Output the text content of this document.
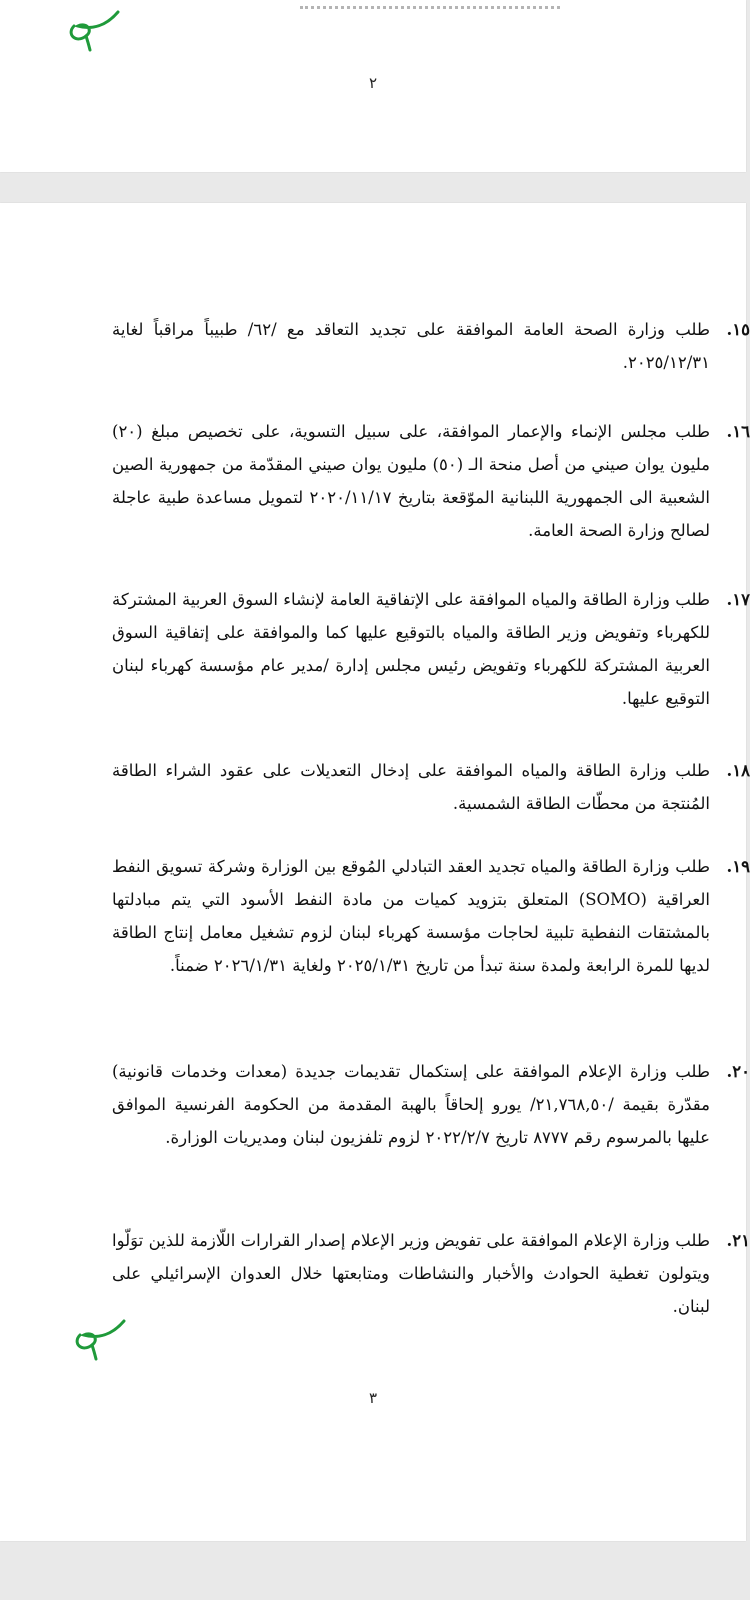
٢
١٥.
طلب وزارة الصحة العامة الموافقة على تجديد التعاقد مع /٦٢/ طبيباً مراقباً لغاية ٢٠٢٥/١٢/٣١.
١٦.
طلب مجلس الإنماء والإعمار الموافقة، على سبيل التسوية، على تخصيص مبلغ (٢٠) مليون يوان صيني من أصل منحة الـ (٥٠) مليون يوان صيني المقدّمة من جمهورية الصين الشعبية الى الجمهورية اللبنانية الموّقعة بتاريخ ٢٠٢٠/١١/١٧ لتمويل مساعدة طبية عاجلة لصالح وزارة الصحة العامة.
١٧.
طلب وزارة الطاقة والمياه الموافقة على الإتفاقية العامة لإنشاء السوق العربية المشتركة للكهرباء وتفويض وزير الطاقة والمياه بالتوقيع عليها كما والموافقة على إتفاقية السوق العربية المشتركة للكهرباء وتفويض رئيس مجلس إدارة /مدير عام مؤسسة كهرباء لبنان التوقيع عليها.
١٨.
طلب وزارة الطاقة والمياه الموافقة على إدخال التعديلات على عقود الشراء الطاقة المُنتجة من محطّات الطاقة الشمسية.
١٩.
طلب وزارة الطاقة والمياه تجديد العقد التبادلي المُوقع بين الوزارة وشركة تسويق النفط العراقية (SOMO) المتعلق بتزويد كميات من مادة النفط الأسود التي يتم مبادلتها بالمشتقات النفطية تلبية لحاجات مؤسسة كهرباء لبنان لزوم تشغيل معامل إنتاج الطاقة لديها للمرة الرابعة ولمدة سنة تبدأ من تاريخ ٢٠٢٥/١/٣١ ولغاية ٢٠٢٦/١/٣١ ضمناً.
٢٠.
طلب وزارة الإعلام الموافقة على إستكمال تقديمات جديدة (معدات وخدمات قانونية) مقدّرة بقيمة /٢١,٧٦٨,٥٠/ يورو إلحاقاً بالهبة المقدمة من الحكومة الفرنسية الموافق عليها بالمرسوم رقم ٨٧٧٧ تاريخ ٢٠٢٢/٢/٧ لزوم تلفزيون لبنان ومديريات الوزارة.
٢١.
طلب وزارة الإعلام الموافقة على تفويض وزير الإعلام إصدار القرارات اللّازمة للذين توَلّوا ويتولون تغطية الحوادث والأخبار والنشاطات ومتابعتها خلال العدوان الإسرائيلي على لبنان.
٣
